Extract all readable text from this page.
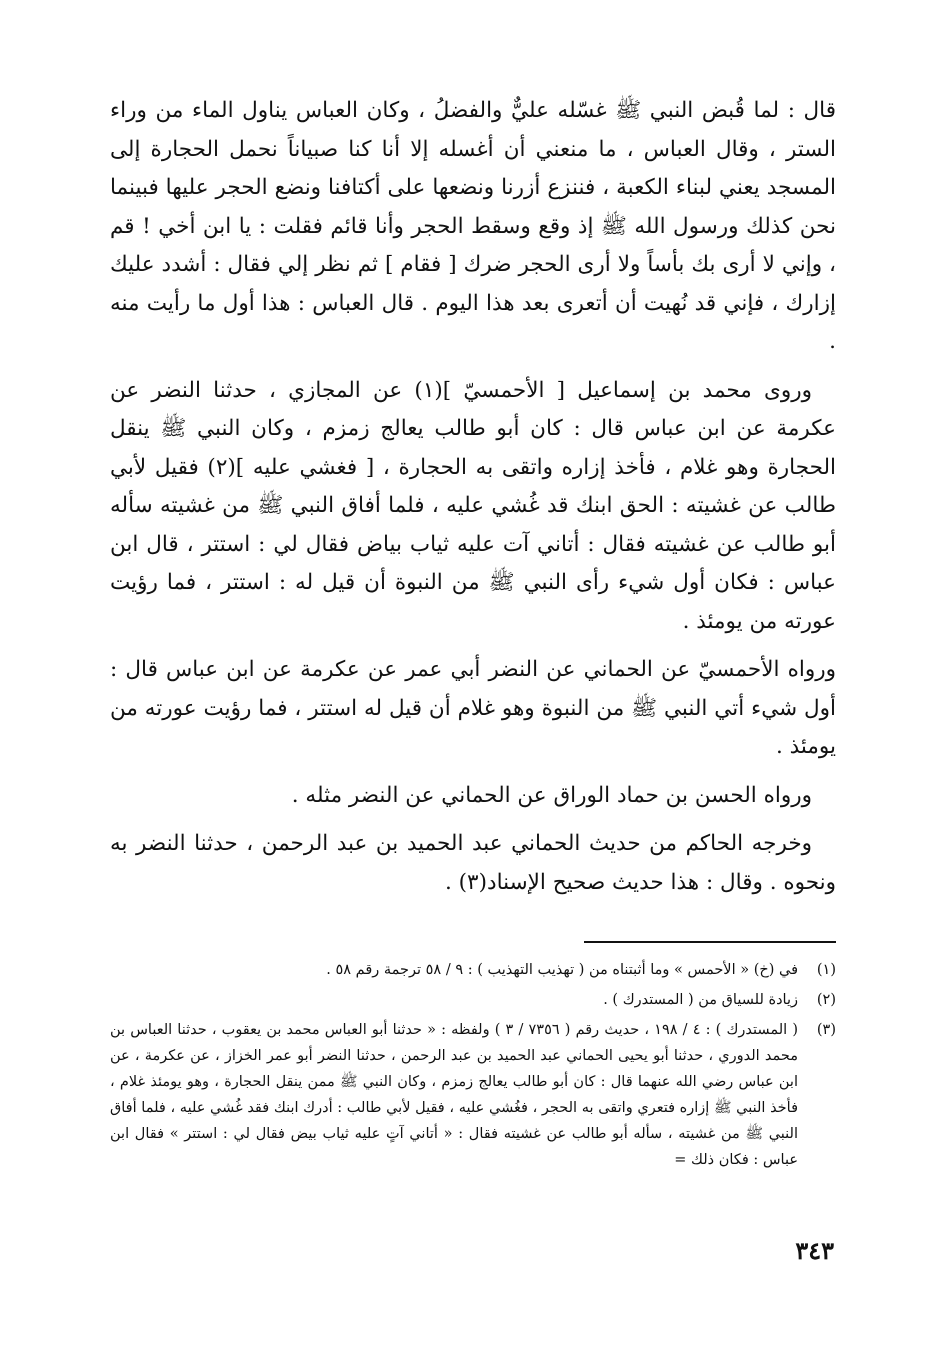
قال : لما قُبض النبي ﷺ غسّله عليٌّ والفضلُ ، وكان العباس يناول الماء من وراء الستر ، وقال العباس ، ما منعني أن أغسله إلا أنا كنا صبياناً نحمل الحجارة إلى المسجد يعني لبناء الكعبة ، فننزع أزرنا ونضعها على أكتافنا ونضع الحجر عليها فبينما نحن كذلك ورسول الله ﷺ إذ وقع وسقط الحجر وأنا قائم فقلت : يا ابن أخي ! قم ، وإني لا أرى بك بأساً ولا أرى الحجر ضرك [ فقام ] ثم نظر إلي فقال : أشدد عليك إزارك ، فإني قد نُهيت أن أتعرى بعد هذا اليوم . قال العباس : هذا أول ما رأيت منه .

وروى محمد بن إسماعيل [ الأحمسيّ ](١) عن المجازي ، حدثنا النضر عن عكرمة عن ابن عباس قال : كان أبو طالب يعالج زمزم ، وكان النبي ﷺ ينقل الحجارة وهو غلام ، فأخذ إزاره واتقى به الحجارة ، [ فغشي عليه ](٢) فقيل لأبي طالب عن غشيته : الحق ابنك قد غُشي عليه ، فلما أفاق النبي ﷺ من غشيته سأله أبو طالب عن غشيته فقال : أتاني آت عليه ثياب بياض فقال لي : استتر ، قال ابن عباس : فكان أول شيء رأى النبي ﷺ من النبوة أن قيل له : استتر ، فما رؤيت عورته من يومئذ .

ورواه الأحمسيّ عن الحماني عن النضر أبي عمر عن عكرمة عن ابن عباس قال : أول شيء أتي النبي ﷺ من النبوة وهو غلام أن قيل له استتر ، فما رؤيت عورته من يومئذ .

ورواه الحسن بن حماد الوراق عن الحماني عن النضر مثله .

وخرجه الحاكم من حديث الحماني عبد الحميد بن عبد الرحمن ، حدثنا النضر به ونحوه . وقال : هذا حديث صحيح الإسناد(٣) .

(١)
في (خ) « الأحمس » وما أثبتناه من ( تهذيب التهذيب ) : ٩ / ٥٨ ترجمة رقم ٥٨ .
(٢)
زيادة للسياق من ( المستدرك ) .
(٣)
( المستدرك ) : ٤ / ١٩٨ ، حديث رقم ( ٧٣٥٦ / ٣ ) ولفظه : « حدثنا أبو العباس محمد بن يعقوب ، حدثنا العباس بن محمد الدوري ، حدثنا أبو يحيى الحماني عبد الحميد بن عبد الرحمن ، حدثنا النضر أبو عمر الخزاز ، عن عكرمة ، عن ابن عباس رضي الله عنهما قال : كان أبو طالب يعالج زمزم ، وكان النبي ﷺ ممن ينقل الحجارة ، وهو يومئذ غلام ، فأخذ النبي ﷺ إزاره فتعري واتقى به الحجر ، فغُشي عليه ، فقيل لأبي طالب : أدرك ابنك فقد غُشي عليه ، فلما أفاق النبي ﷺ من غشيته ، سأله أبو طالب عن غشيته فقال : « أتاني آتٍ عليه ثياب بيض فقال لي : استتر » فقال ابن عباس : فكان ذلك =
٣٤٣
